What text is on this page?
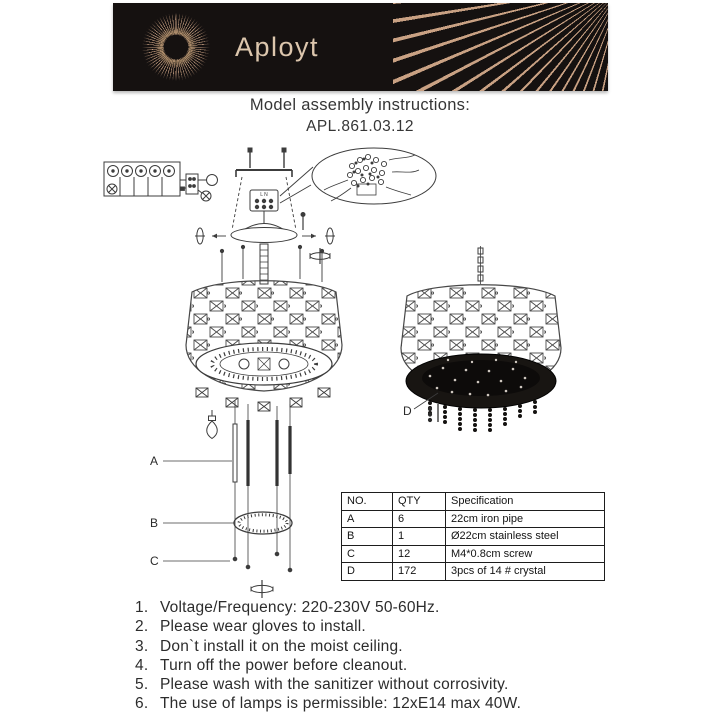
Aployt
Model assembly instructions:
APL.861.03.12
L N
A
B
C
D
NO.	QTY	Specification
A	6	22cm iron pipe
B	1	Ø22cm stainless steel
C	12	M4*0.8cm screw
D	172	3pcs of 14 # crystal
1. Voltage/Frequency: 220-230V 50-60Hz.
2. Please wear gloves to install.
3. Don`t install it on the moist ceiling.
4. Turn off the power before cleanout.
5. Please wash with the sanitizer without corrosivity.
6. The use of lamps is permissible: 12xE14 max 40W.
